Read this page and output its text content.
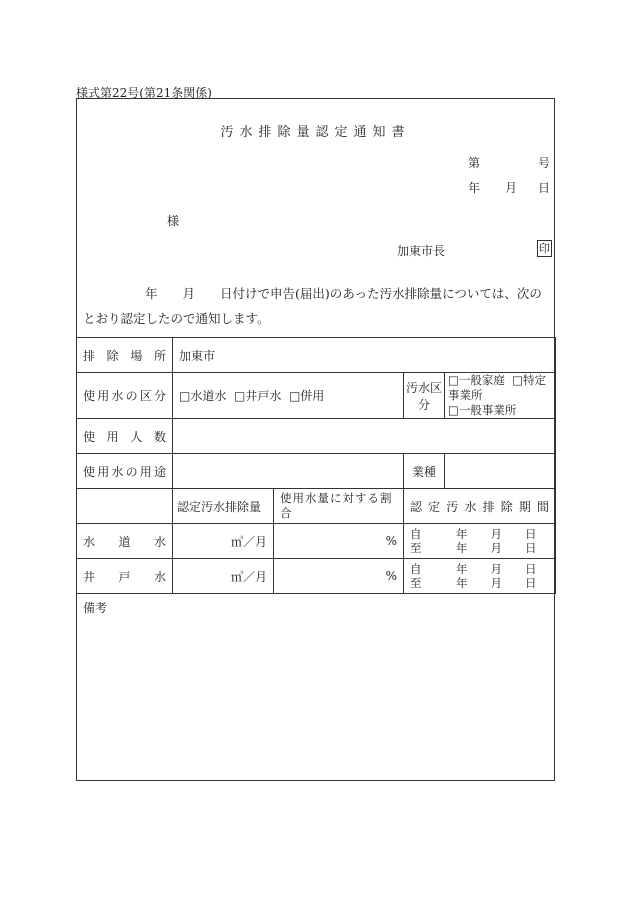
様式第22号(第21条関係)
汚水排除量認定通知書
第	号
年 月 日
様
加東市長	印
年　　月　　日付けで申告(届出)のあった汚水排除量については、次のとおり認定したので通知します。
排除場所	加東市			
使用水の区分	□水道水 □井戸水 □併用		汚水区分	□一般家庭 □特定事業所
□一般事業所
使用人数				
使用水の用途			業種	
	認定汚水排除量	使用水量に対する割合	認定汚水排除期間	
水道水	㎥／月	%	自　　　年　　月　　日
至　　　年　　月　　日	

井戸水	㎥／月	%	自　　　年　　月　　日
至　　　年　　月　　日	
備考
